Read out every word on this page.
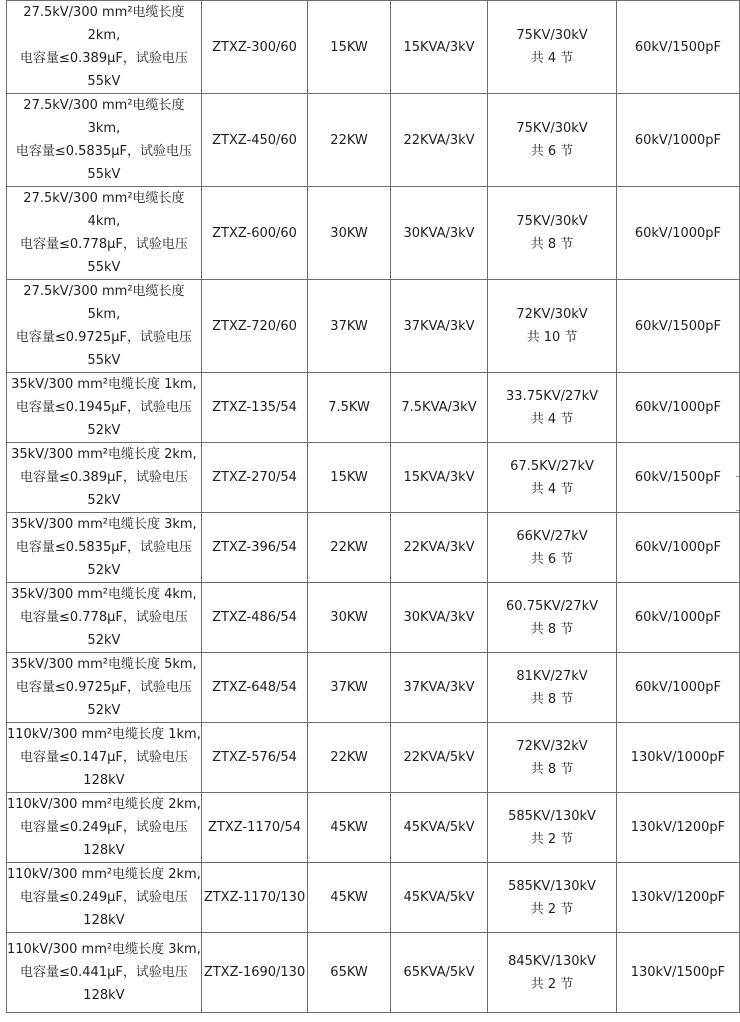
27.5kV/300 mm²电缆长度
2km,
电容量≤0.389μF，试验电压
55kV	ZTXZ-300/60	15KW	15KVA/3kV	75KV/30kV
共 4 节	60kV/1500pF

27.5kV/300 mm²电缆长度
3km,
电容量≤0.5835μF，试验电压
55kV	ZTXZ-450/60	22KW	22KVA/3kV	75KV/30kV
共 6 节	60kV/1000pF

27.5kV/300 mm²电缆长度
4km,
电容量≤0.778μF，试验电压
55kV	ZTXZ-600/60	30KW	30KVA/3kV	75KV/30kV
共 8 节	60kV/1000pF

27.5kV/300 mm²电缆长度
5km,
电容量≤0.9725μF，试验电压
55kV	ZTXZ-720/60	37KW	37KVA/3kV	72KV/30kV
共 10 节	60kV/1500pF

35kV/300 mm²电缆长度 1km,
电容量≤0.1945μF，试验电压
52kV	ZTXZ-135/54	7.5KW	7.5KVA/3kV	33.75KV/27kV
共 4 节	60kV/1000pF

35kV/300 mm²电缆长度 2km,
电容量≤0.389μF，试验电压
52kV	ZTXZ-270/54	15KW	15KVA/3kV	67.5KV/27kV
共 4 节	60kV/1500pF

35kV/300 mm²电缆长度 3km,
电容量≤0.5835μF，试验电压
52kV	ZTXZ-396/54	22KW	22KVA/3kV	66KV/27kV
共 6 节	60kV/1000pF

35kV/300 mm²电缆长度 4km,
电容量≤0.778μF，试验电压
52kV	ZTXZ-486/54	30KW	30KVA/3kV	60.75KV/27kV
共 8 节	60kV/1000pF

35kV/300 mm²电缆长度 5km,
电容量≤0.9725μF，试验电压
52kV	ZTXZ-648/54	37KW	37KVA/3kV	81KV/27kV
共 8 节	60kV/1000pF

110kV/300 mm²电缆长度 1km,
电容量≤0.147μF，试验电压
128kV	ZTXZ-576/54	22KW	22KVA/5kV	72KV/32kV
共 8 节	130kV/1000pF

110kV/300 mm²电缆长度 2km,
电容量≤0.249μF，试验电压
128kV	ZTXZ-1170/54	45KW	45KVA/5kV	585KV/130kV
共 2 节	130kV/1200pF

110kV/300 mm²电缆长度 2km,
电容量≤0.249μF，试验电压
128kV	ZTXZ-1170/130	45KW	45KVA/5kV	585KV/130kV
共 2 节	130kV/1200pF

110kV/300 mm²电缆长度 3km,
电容量≤0.441μF，试验电压
128kV	ZTXZ-1690/130	65KW	65KVA/5kV	845KV/130kV
共 2 节	130kV/1500pF
